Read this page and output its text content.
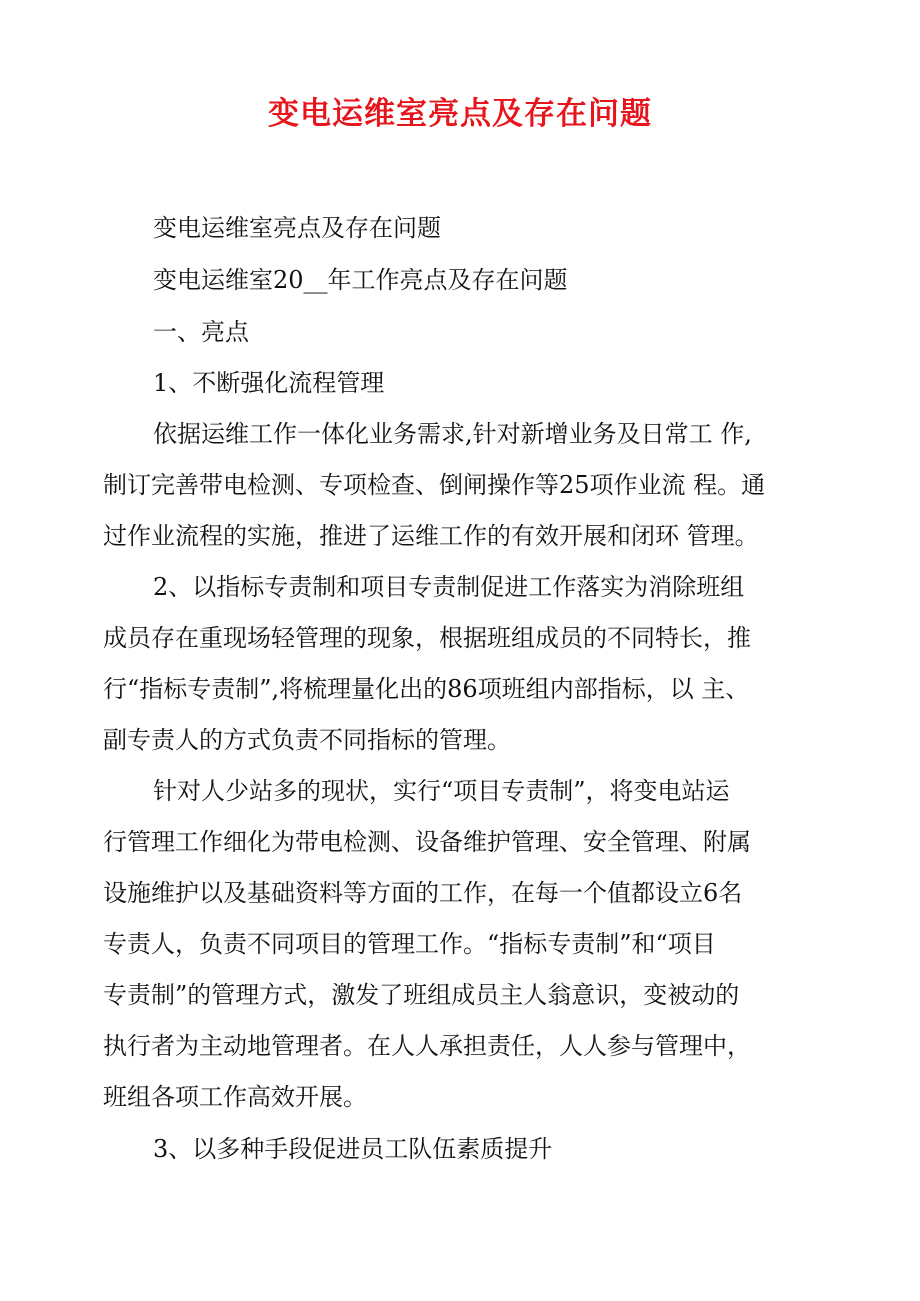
变电运维室亮点及存在问题
变电运维室亮点及存在问题
变电运维室20__年工作亮点及存在问题
一、亮点
1、不断强化流程管理
依据运维工作一体化业务需求,针对新增业务及日常工 作,
制订完善带电检测、专项检查、倒闸操作等25项作业流 程。通
过作业流程的实施，推进了运维工作的有效开展和闭环 管理。
2、以指标专责制和项目专责制促进工作落实为消除班组
成员存在重现场轻管理的现象，根据班组成员的不同特长，推
行“指标专责制”,将梳理量化出的86项班组内部指标，以 主、
副专责人的方式负责不同指标的管理。
针对人少站多的现状，实行“项目专责制”，将变电站运
行管理工作细化为带电检测、设备维护管理、安全管理、附属
设施维护以及基础资料等方面的工作，在每一个值都设立6名
专责人，负责不同项目的管理工作。“指标专责制”和“项目
专责制”的管理方式，激发了班组成员主人翁意识，变被动的
执行者为主动地管理者。在人人承担责任，人人参与管理中，
班组各项工作高效开展。
3、以多种手段促进员工队伍素质提升
